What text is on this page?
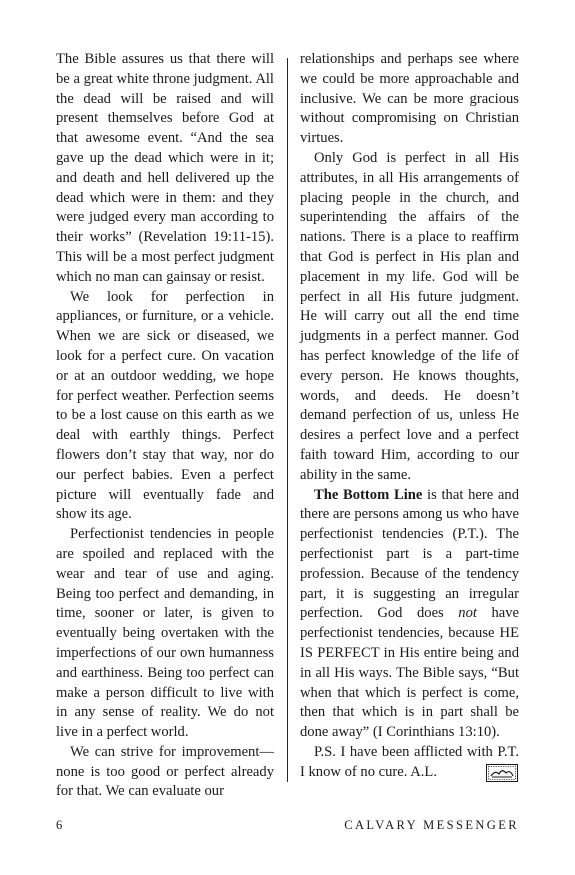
The Bible assures us that there will be a great white throne judgment. All the dead will be raised and will present themselves before God at that awesome event. “And the sea gave up the dead which were in it; and death and hell delivered up the dead which were in them: and they were judged every man according to their works” (Revelation 19:11-15). This will be a most perfect judgment which no man can gainsay or resist.

We look for perfection in appliances, or furniture, or a vehicle. When we are sick or diseased, we look for a perfect cure. On vacation or at an outdoor wedding, we hope for perfect weather. Perfection seems to be a lost cause on this earth as we deal with earthly things. Perfect flowers don’t stay that way, nor do our perfect babies. Even a perfect picture will eventually fade and show its age.

Perfectionist tendencies in people are spoiled and replaced with the wear and tear of use and aging. Being too perfect and demanding, in time, sooner or later, is given to eventually being overtaken with the imperfections of our own humanness and earthiness. Being too perfect can make a person difficult to live with in any sense of reality. We do not live in a perfect world.

We can strive for improvement—none is too good or perfect already for that. We can evaluate our

relationships and perhaps see where we could be more approachable and inclusive. We can be more gracious without compromising on Christian virtues.

Only God is perfect in all His attributes, in all His arrangements of placing people in the church, and superintending the affairs of the nations. There is a place to reaffirm that God is perfect in His plan and placement in my life. God will be perfect in all His future judgment. He will carry out all the end time judgments in a perfect manner. God has perfect knowledge of the life of every person. He knows thoughts, words, and deeds. He doesn’t demand perfection of us, unless He desires a perfect love and a perfect faith toward Him, according to our ability in the same.

The Bottom Line is that here and there are persons among us who have perfectionist tendencies (P.T.). The perfectionist part is a part-time profession. Because of the tendency part, it is suggesting an irregular perfection. God does not have perfectionist tendencies, because HE IS PERFECT in His entire being and in all His ways. The Bible says, “But when that which is perfect is come, then that which is in part shall be done away” (I Corinthians 13:10).

P.S. I have been afflicted with P.T. I know of no cure. A.L.

6	CALVARY MESSENGER
